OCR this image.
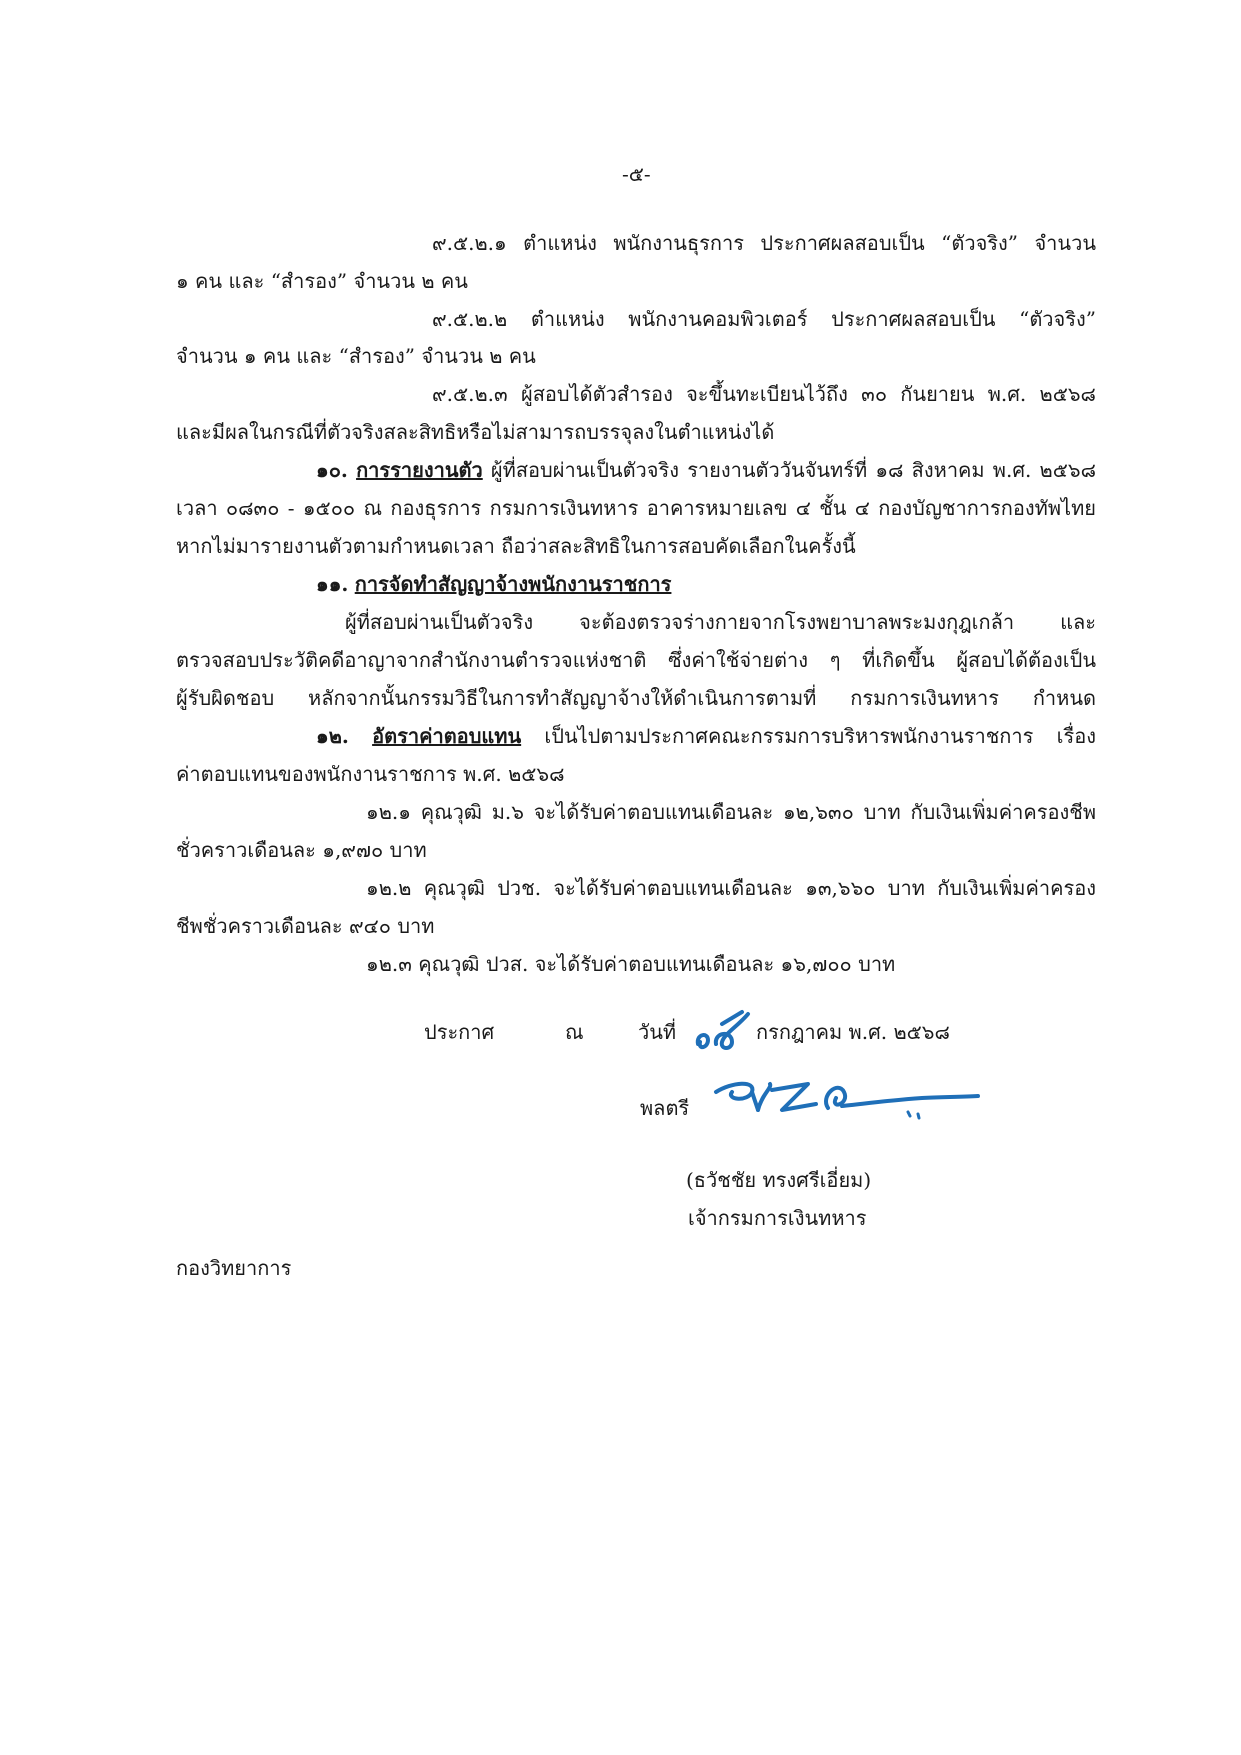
-๕-
๙.๕.๒.๑ ตำแหน่ง พนักงานธุรการ ประกาศผลสอบเป็น “ตัวจริง” จำนวน
๑ คน และ “สำรอง” จำนวน ๒ คน
๙.๕.๒.๒ ตำแหน่ง พนักงานคอมพิวเตอร์ ประกาศผลสอบเป็น “ตัวจริง”
จำนวน ๑ คน และ “สำรอง” จำนวน ๒ คน
๙.๕.๒.๓ ผู้สอบได้ตัวสำรอง จะขึ้นทะเบียนไว้ถึง ๓๐ กันยายน พ.ศ. ๒๕๖๘
และมีผลในกรณีที่ตัวจริงสละสิทธิหรือไม่สามารถบรรจุลงในตำแหน่งได้
๑๐. การรายงานตัว ผู้ที่สอบผ่านเป็นตัวจริง รายงานตัววันจันทร์ที่ ๑๘ สิงหาคม พ.ศ. ๒๕๖๘
เวลา ๐๘๓๐ - ๑๕๐๐ ณ กองธุรการ กรมการเงินทหาร อาคารหมายเลข ๔ ชั้น ๔ กองบัญชาการกองทัพไทย
หากไม่มารายงานตัวตามกำหนดเวลา ถือว่าสละสิทธิในการสอบคัดเลือกในครั้งนี้
๑๑. การจัดทำสัญญาจ้างพนักงานราชการ
ผู้ที่สอบผ่านเป็นตัวจริง จะต้องตรวจร่างกายจากโรงพยาบาลพระมงกุฎเกล้า และ
ตรวจสอบประวัติคดีอาญาจากสำนักงานตำรวจแห่งชาติ ซึ่งค่าใช้จ่ายต่าง ๆ ที่เกิดขึ้น ผู้สอบได้ต้องเป็น
ผู้รับผิดชอบ หลักจากนั้นกรรมวิธีในการทำสัญญาจ้างให้ดำเนินการตามที่ กรมการเงินทหาร กำหนด
๑๒. อัตราค่าตอบแทน เป็นไปตามประกาศคณะกรรมการบริหารพนักงานราชการ เรื่อง
ค่าตอบแทนของพนักงานราชการ พ.ศ. ๒๕๖๘
๑๒.๑ คุณวุฒิ ม.๖ จะได้รับค่าตอบแทนเดือนละ ๑๒,๖๓๐ บาท กับเงินเพิ่มค่าครองชีพ
ชั่วคราวเดือนละ ๑,๙๗๐ บาท
๑๒.๒ คุณวุฒิ ปวช. จะได้รับค่าตอบแทนเดือนละ ๑๓,๖๖๐ บาท กับเงินเพิ่มค่าครอง
ชีพชั่วคราวเดือนละ ๙๔๐ บาท
๑๒.๓ คุณวุฒิ ปวส. จะได้รับค่าตอบแทนเดือนละ ๑๖,๗๐๐ บาท
ประกาศ	ณ	วันที่	กรกฎาคม พ.ศ. ๒๕๖๘
พลตรี
(ธวัชชัย ทรงศรีเอี่ยม)
เจ้ากรมการเงินทหาร
กองวิทยาการ
